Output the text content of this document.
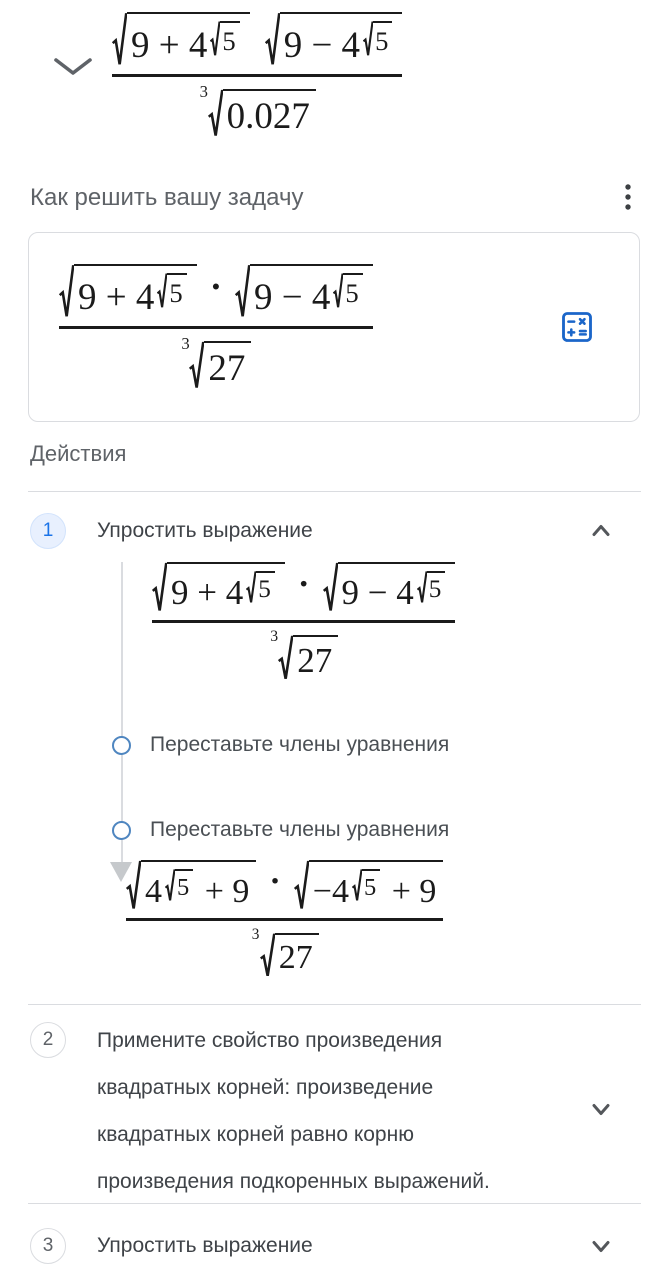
9 + 4 5 9 − 4 5
3
0.027
Как решить вашу задачу
9 + 4 5 · 9 − 4 5
3
27
Действия
1	Упростить выражение
9 + 4 5 · 9 − 4 5
3
27
Переставьте члены уравнения
Переставьте члены уравнения
4 5 + 9 · −4 5 + 9
3
27
2	Примените свойство произведения квадратных корней: произведение квадратных корней равно корню произведения подкоренных выражений.
3	Упростить выражение
